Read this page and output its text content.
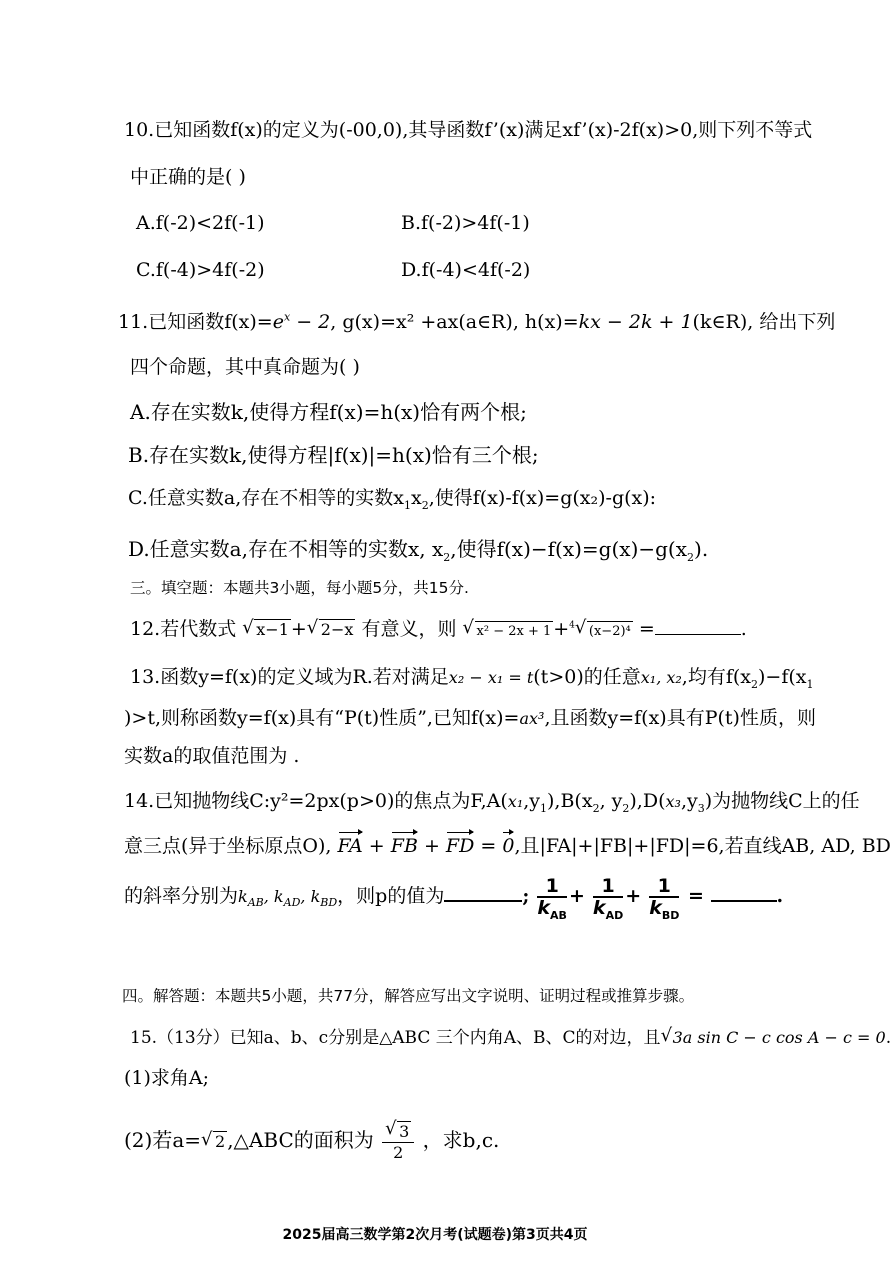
10.已知函数f(x)的定义为(-00,0),其导函数f’(x)满足xf’(x)-2f(x)>0,则下列不等式
中正确的是( )
A.f(-2)<2f(-1)	B.f(-2)>4f(-1)
C.f(-4)>4f(-2)	D.f(-4)<4f(-2)
11.已知函数$f(x)=e^x - 2$, g(x)=x² +ax(a∈R), h(x)=kx − 2k + 1(k∈R), 给出下列
四个命题，其中真命题为( )
A.存在实数k,使得方程f(x)=h(x)恰有两个根;
B.存在实数k,使得方程|f(x)|=h(x)恰有三个根;
C.任意实数a,存在不相等的实数$x_1x_2$,使得f(x)-f(x)=g(x₂)-g(x):
D.任意实数a,存在不相等的实数x, $x_2$,使得$f(x)-f(x)=g(x)-g(x_2)$.
三。填空题：本题共3小题，每小题5分，共15分.
12.若代数式 √ x−1 + √ 2−x 有意义，则 √ x² − 2x + 1 +$^4$ √ (x−2)⁴ =	.
13.函数y=f(x)的定义域为R.若对满足x₂ − x₁ = t(t>0)的任意x₁, x₂,均有$f(x_2)-f(x_1$
)>t,则称函数y=f(x)具有“P(t)性质”,已知f(x)=ax³,且函数y=f(x)具有P(t)性质，则
实数a的取值范围为 .
14.已知抛物线C:y²=2px(p>0)的焦点为$F,A(x_1,y_1),B(x_2$, $y_2),D(x_3,y_3)$为抛物线C上的任
意三点(异于坐标原点O), FA + FB + FD = 0,且|FA|+|FB|+|FD|=6,若直线AB, AD, BD
的斜率分别为$k_{AB}$, $k_{AD}$, $k_{BD}$，则p的值为	; $\frac{1}{k_{AB}} + \frac{1}{k_{AD}} + \frac{1}{k_{BD}}$ =	.
四。解答题：本题共5小题，共77分，解答应写出文字说明、证明过程或推算步骤。
15.（13分）已知a、b、c分别是△ABC 三个内角A、B、C的对边，且 √ 3a sin C − c cos A − c = 0.
(1)求角A;
(2)若a= √ 2 ,△ABC的面积为 √ $\frac{3}{2}$ ，求b,c.
2025届高三数学第2次月考(试题卷)第3页共4页
